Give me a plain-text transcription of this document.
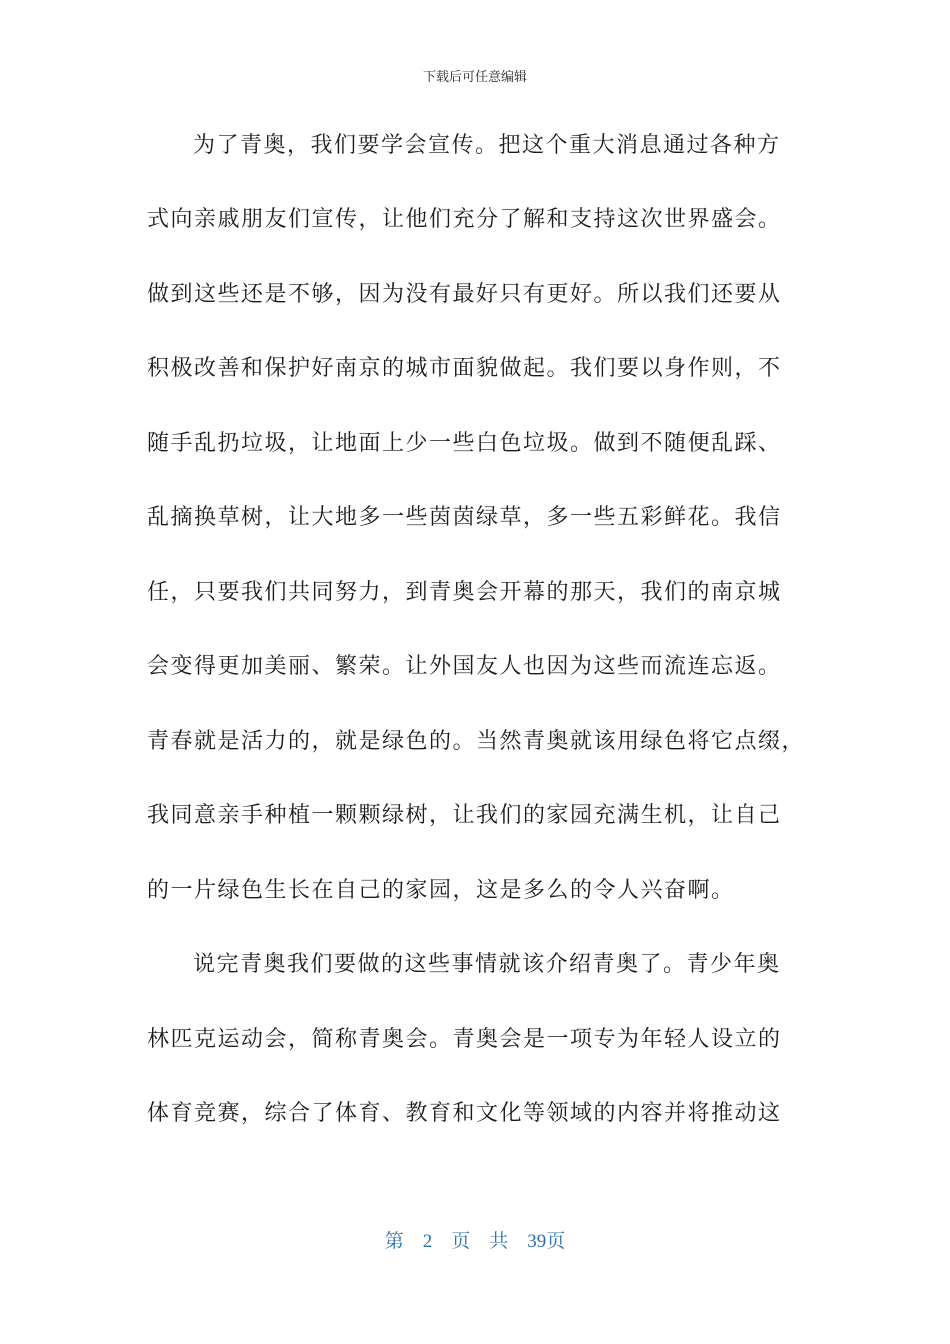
下载后可任意编辑
为了青奥，我们要学会宣传。把这个重大消息通过各种方
式向亲戚朋友们宣传，让他们充分了解和支持这次世界盛会。
做到这些还是不够，因为没有最好只有更好。所以我们还要从
积极改善和保护好南京的城市面貌做起。我们要以身作则，不
随手乱扔垃圾，让地面上少一些白色垃圾。做到不随便乱踩、
乱摘换草树，让大地多一些茵茵绿草，多一些五彩鲜花。我信
任，只要我们共同努力，到青奥会开幕的那天，我们的南京城
会变得更加美丽、繁荣。让外国友人也因为这些而流连忘返。
青春就是活力的，就是绿色的。当然青奥就该用绿色将它点缀，
我同意亲手种植一颗颗绿树，让我们的家园充满生机，让自己
的一片绿色生长在自己的家园，这是多么的令人兴奋啊。
说完青奥我们要做的这些事情就该介绍青奥了。青少年奥
林匹克运动会，简称青奥会。青奥会是一项专为年轻人设立的
体育竞赛，综合了体育、教育和文化等领域的内容并将推动这
第　2　页　共　39页
